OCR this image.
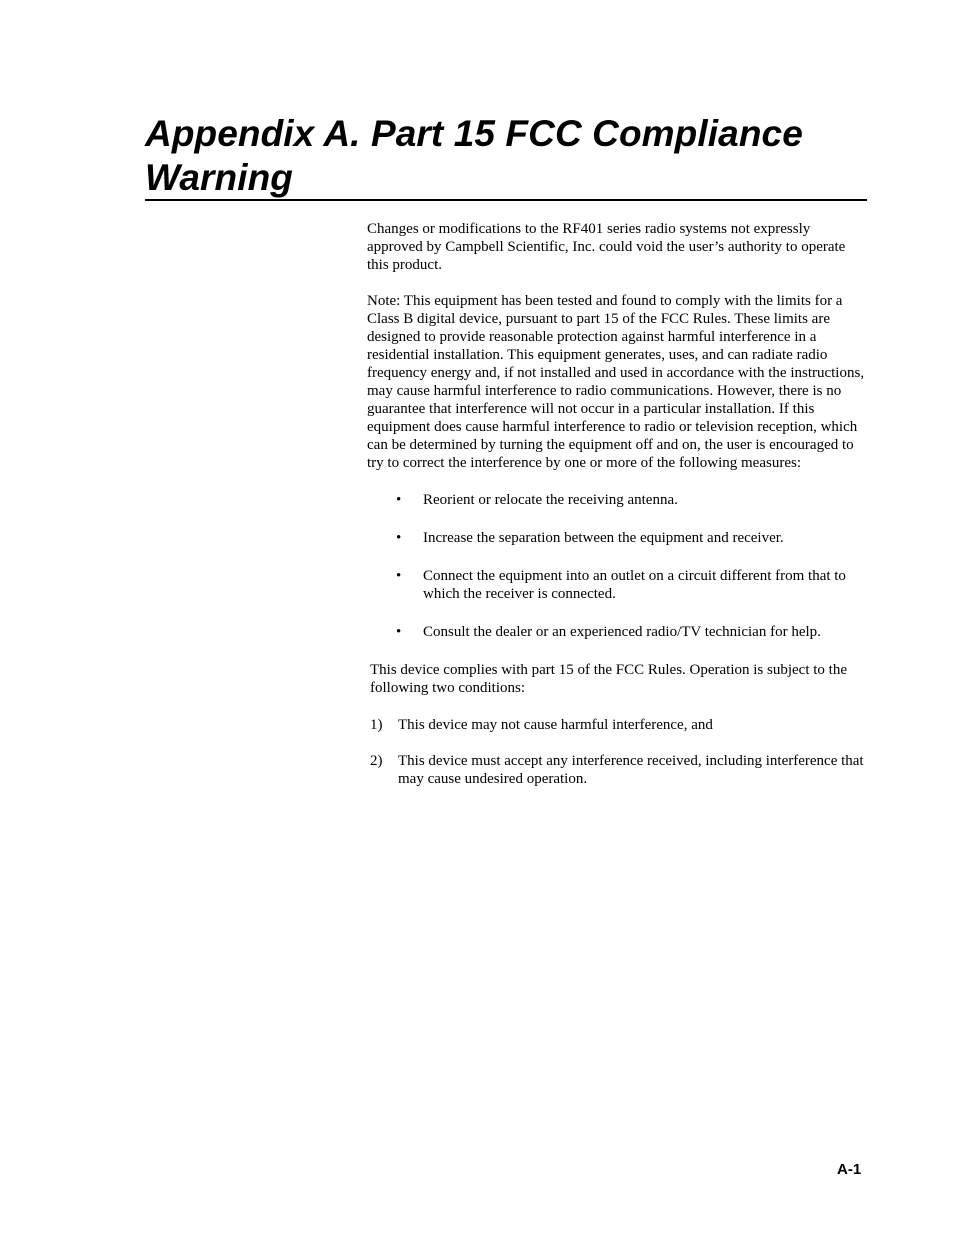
Appendix A. Part 15 FCC Compliance
Warning

Changes or modifications to the RF401 series radio systems not expressly approved by Campbell Scientific, Inc. could void the user’s authority to operate this product.

Note: This equipment has been tested and found to comply with the limits for a Class B digital device, pursuant to part 15 of the FCC Rules. These limits are designed to provide reasonable protection against harmful interference in a residential installation. This equipment generates, uses, and can radiate radio frequency energy and, if not installed and used in accordance with the instructions, may cause harmful interference to radio communications. However, there is no guarantee that interference will not occur in a particular installation. If this equipment does cause harmful interference to radio or television reception, which can be determined by turning the equipment off and on, the user is encouraged to try to correct the interference by one or more of the following measures:

•	Reorient or relocate the receiving antenna.
•	Increase the separation between the equipment and receiver.
•	Connect the equipment into an outlet on a circuit different from that to which the receiver is connected.
•	Consult the dealer or an experienced radio/TV technician for help.

This device complies with part 15 of the FCC Rules. Operation is subject to the following two conditions:

1) This device may not cause harmful interference, and
2) This device must accept any interference received, including interference that may cause undesired operation.
A-1
